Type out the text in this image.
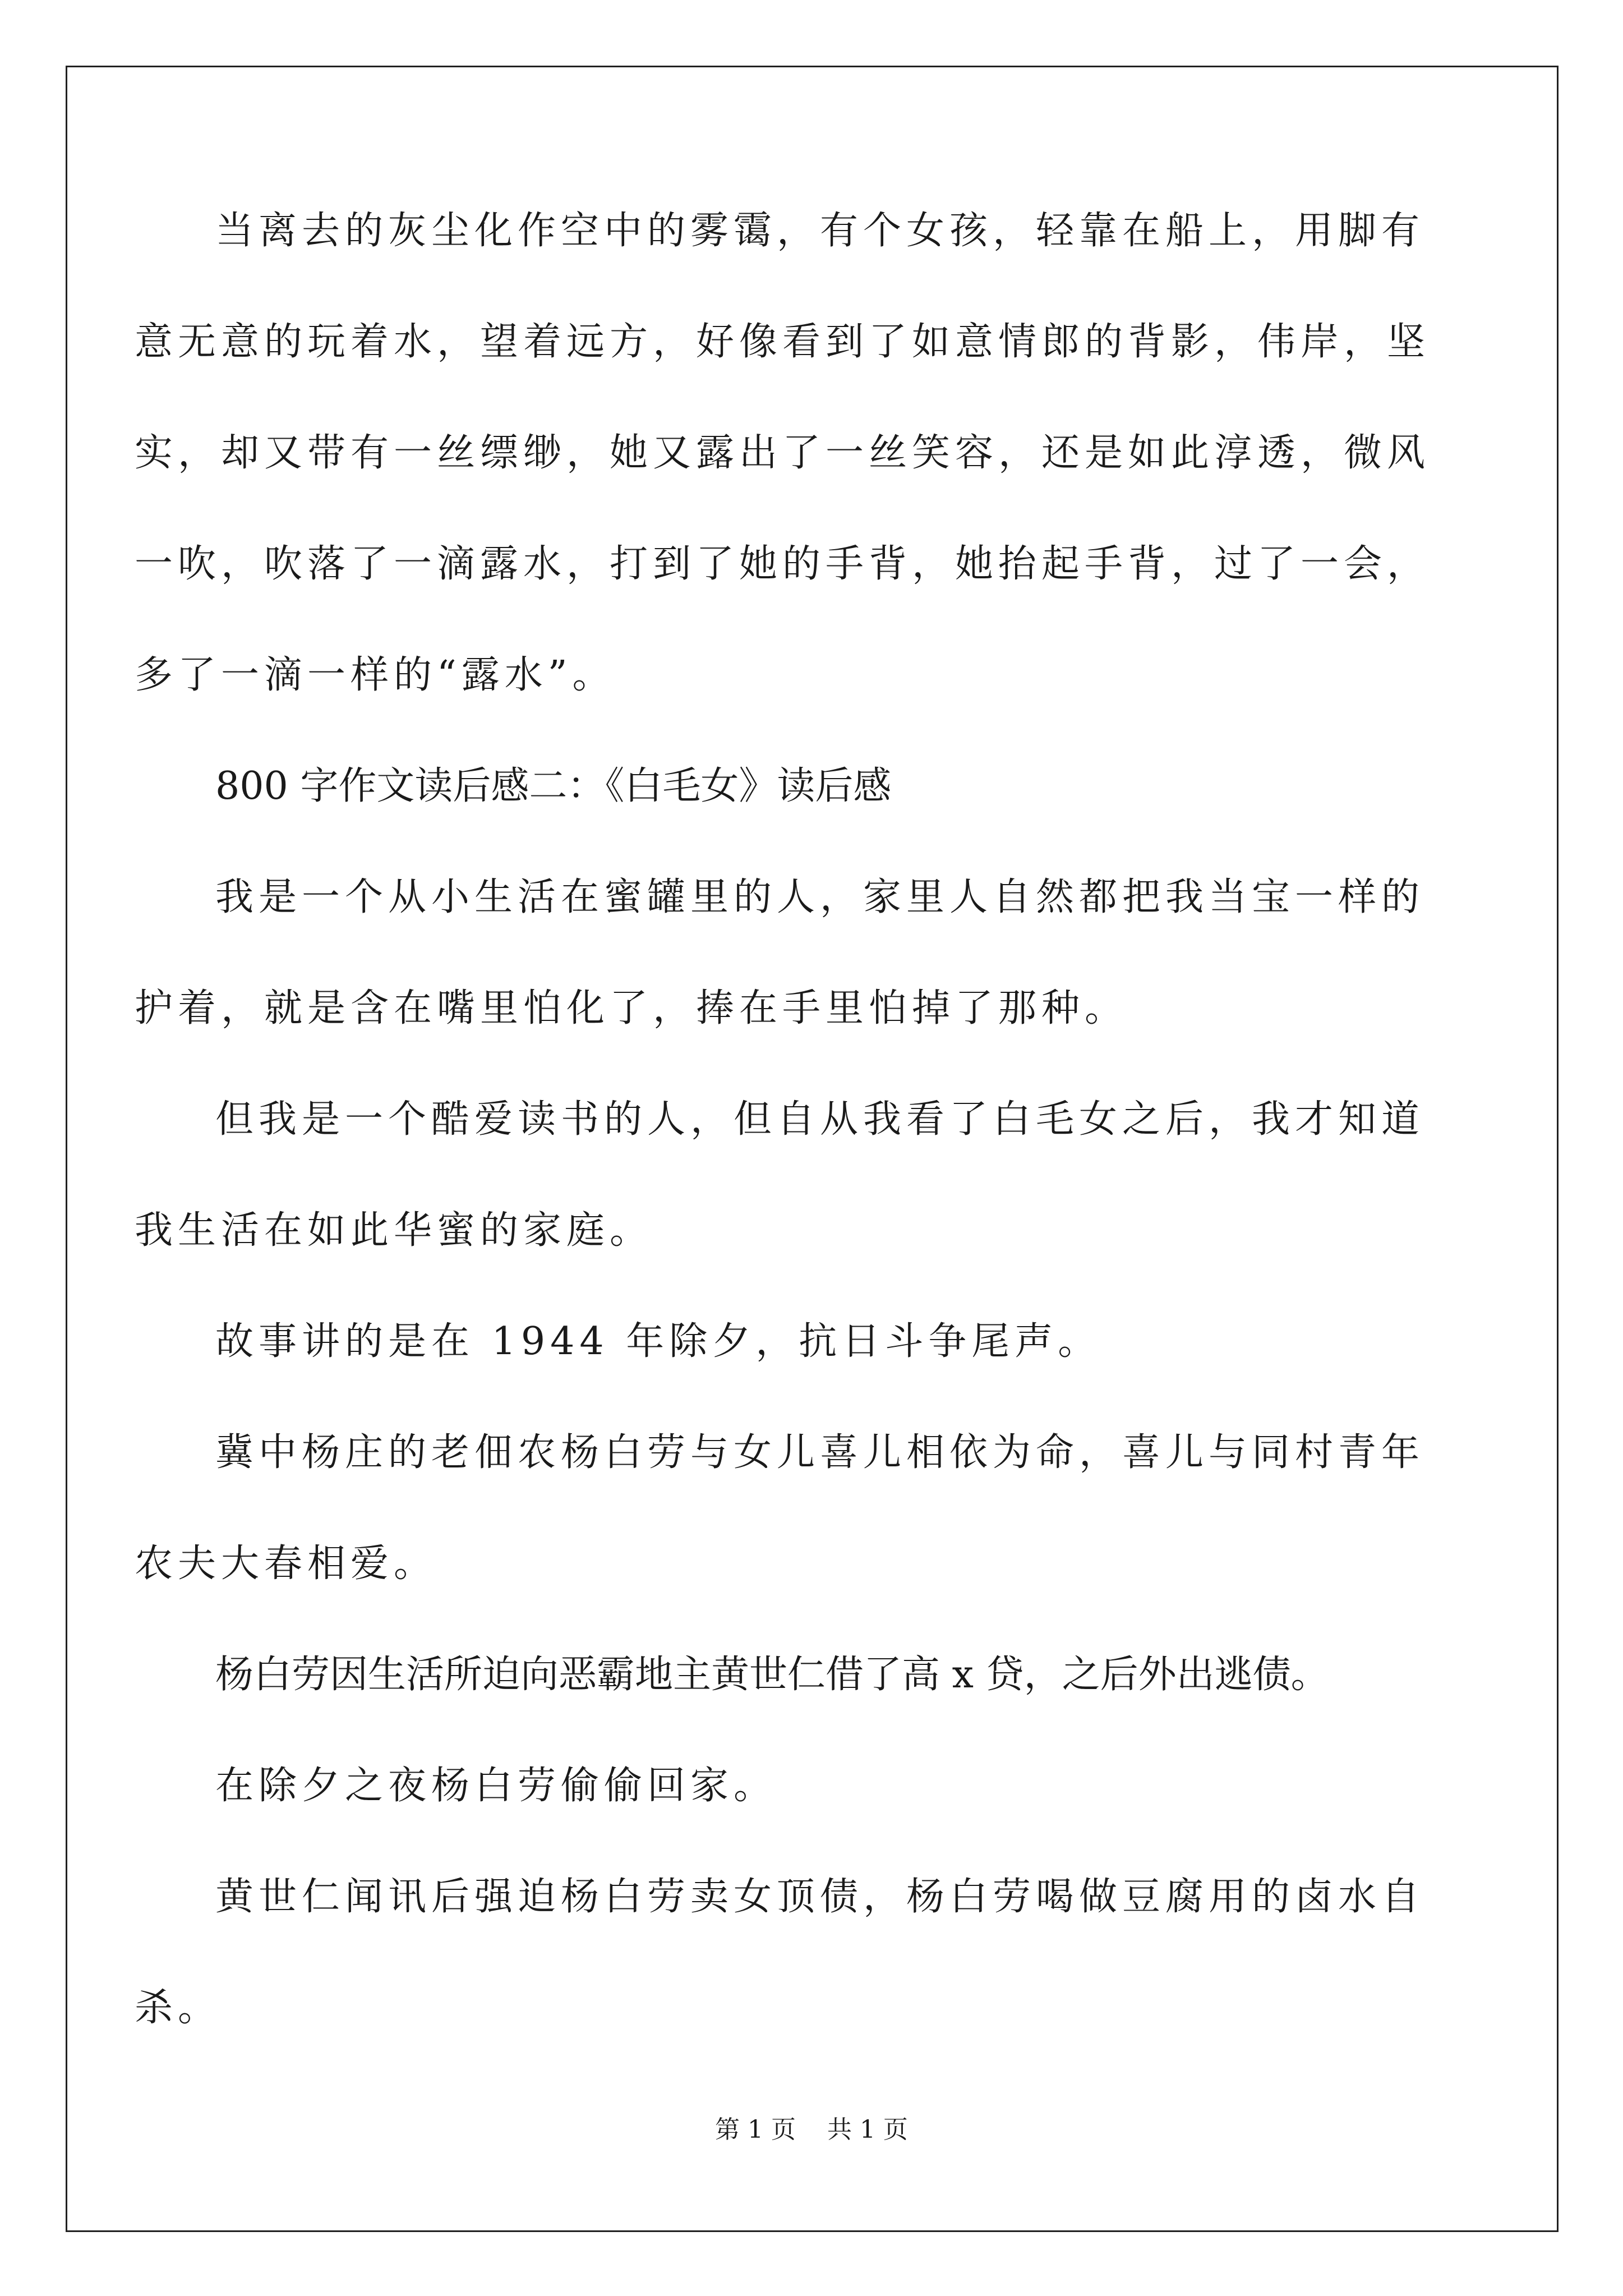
当离去的灰尘化作空中的雾霭，有个女孩，轻靠在船上，用脚有
意无意的玩着水，望着远方，好像看到了如意情郎的背影，伟岸，坚
实，却又带有一丝缥缈，她又露出了一丝笑容，还是如此淳透，微风
一吹，吹落了一滴露水，打到了她的手背，她抬起手背，过了一会，
多了一滴一样的“露水”。
800 字作文读后感二：《白毛女》读后感
我是一个从小生活在蜜罐里的人，家里人自然都把我当宝一样的
护着，就是含在嘴里怕化了，捧在手里怕掉了那种。
但我是一个酷爱读书的人，但自从我看了白毛女之后，我才知道
我生活在如此华蜜的家庭。
故事讲的是在 1944 年除夕，抗日斗争尾声。
冀中杨庄的老佃农杨白劳与女儿喜儿相依为命，喜儿与同村青年
农夫大春相爱。
杨白劳因生活所迫向恶霸地主黄世仁借了高 x 贷，之后外出逃债。
在除夕之夜杨白劳偷偷回家。
黄世仁闻讯后强迫杨白劳卖女顶债，杨白劳喝做豆腐用的卤水自
杀。
第 1 页    共 1 页
